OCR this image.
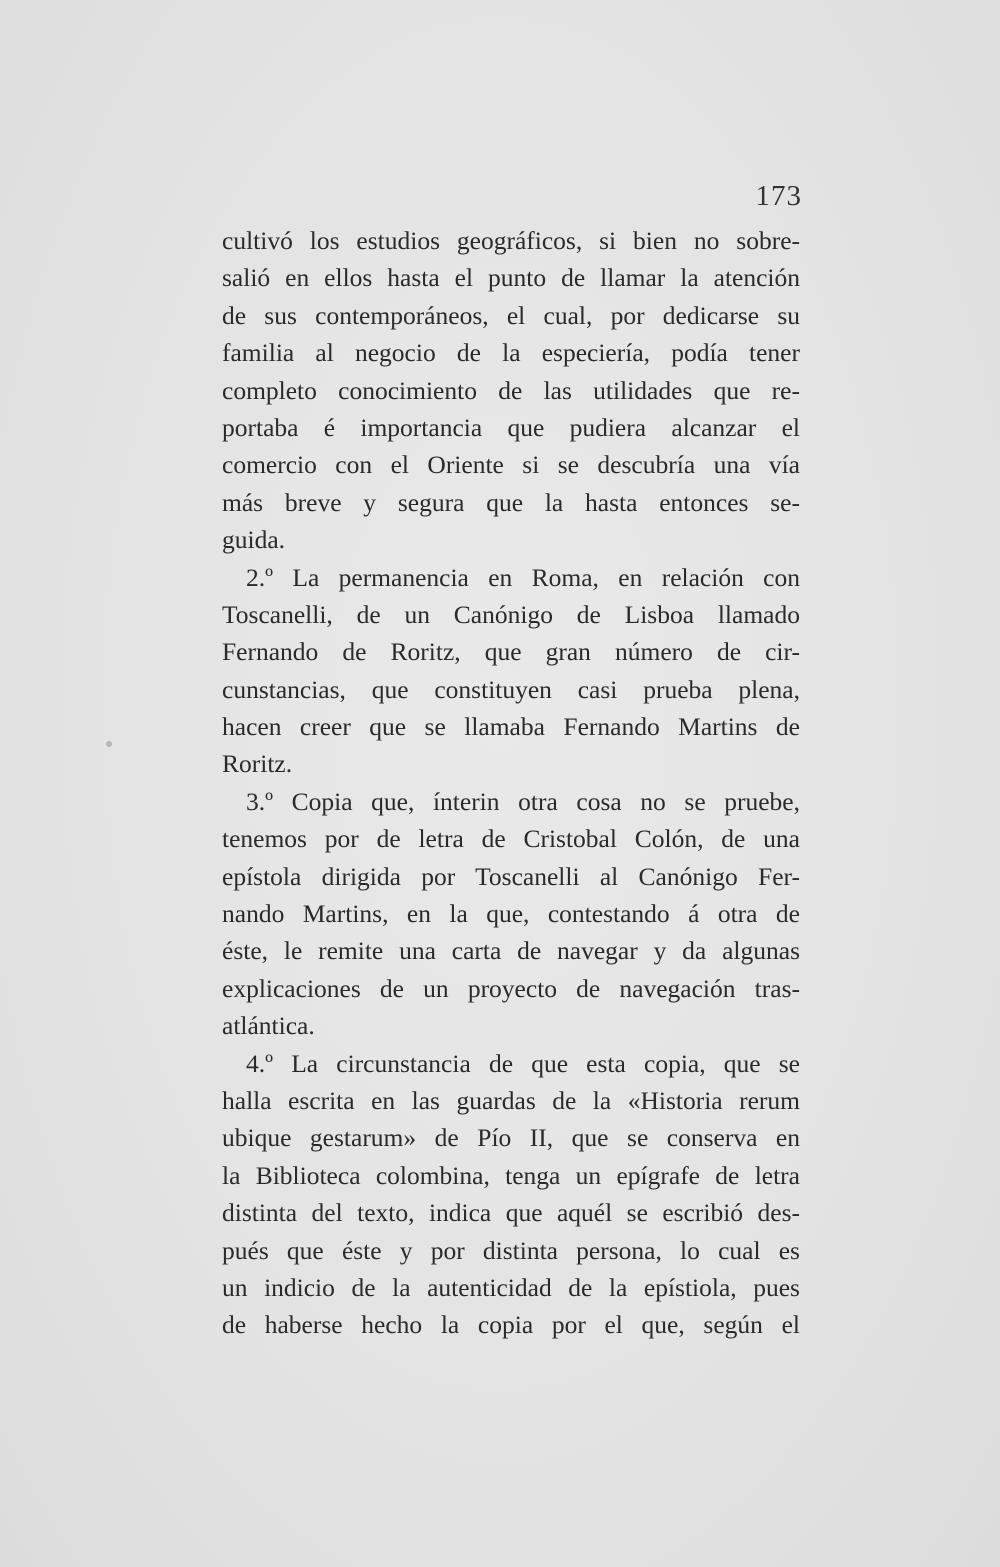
173
cultivó los estudios geográficos, si bien no sobre-
salió en ellos hasta el punto de llamar la atención
de sus contemporáneos, el cual, por dedicarse su
familia al negocio de la especiería, podía tener
completo conocimiento de las utilidades que re-
portaba é importancia que pudiera alcanzar el
comercio con el Oriente si se descubría una vía
más breve y segura que la hasta entonces se-
guida.
2.º La permanencia en Roma, en relación con
Toscanelli, de un Canónigo de Lisboa llamado
Fernando de Roritz, que gran número de cir-
cunstancias, que constituyen casi prueba plena,
hacen creer que se llamaba Fernando Martins de
Roritz.
3.º Copia que, ínterin otra cosa no se pruebe,
tenemos por de letra de Cristobal Colón, de una
epístola dirigida por Toscanelli al Canónigo Fer-
nando Martins, en la que, contestando á otra de
éste, le remite una carta de navegar y da algunas
explicaciones de un proyecto de navegación tras-
atlántica.
4.º La circunstancia de que esta copia, que se
halla escrita en las guardas de la «Historia rerum
ubique gestarum» de Pío II, que se conserva en
la Biblioteca colombina, tenga un epígrafe de letra
distinta del texto, indica que aquél se escribió des-
pués que éste y por distinta persona, lo cual es
un indicio de la autenticidad de la epístiola, pues
de haberse hecho la copia por el que, según el
